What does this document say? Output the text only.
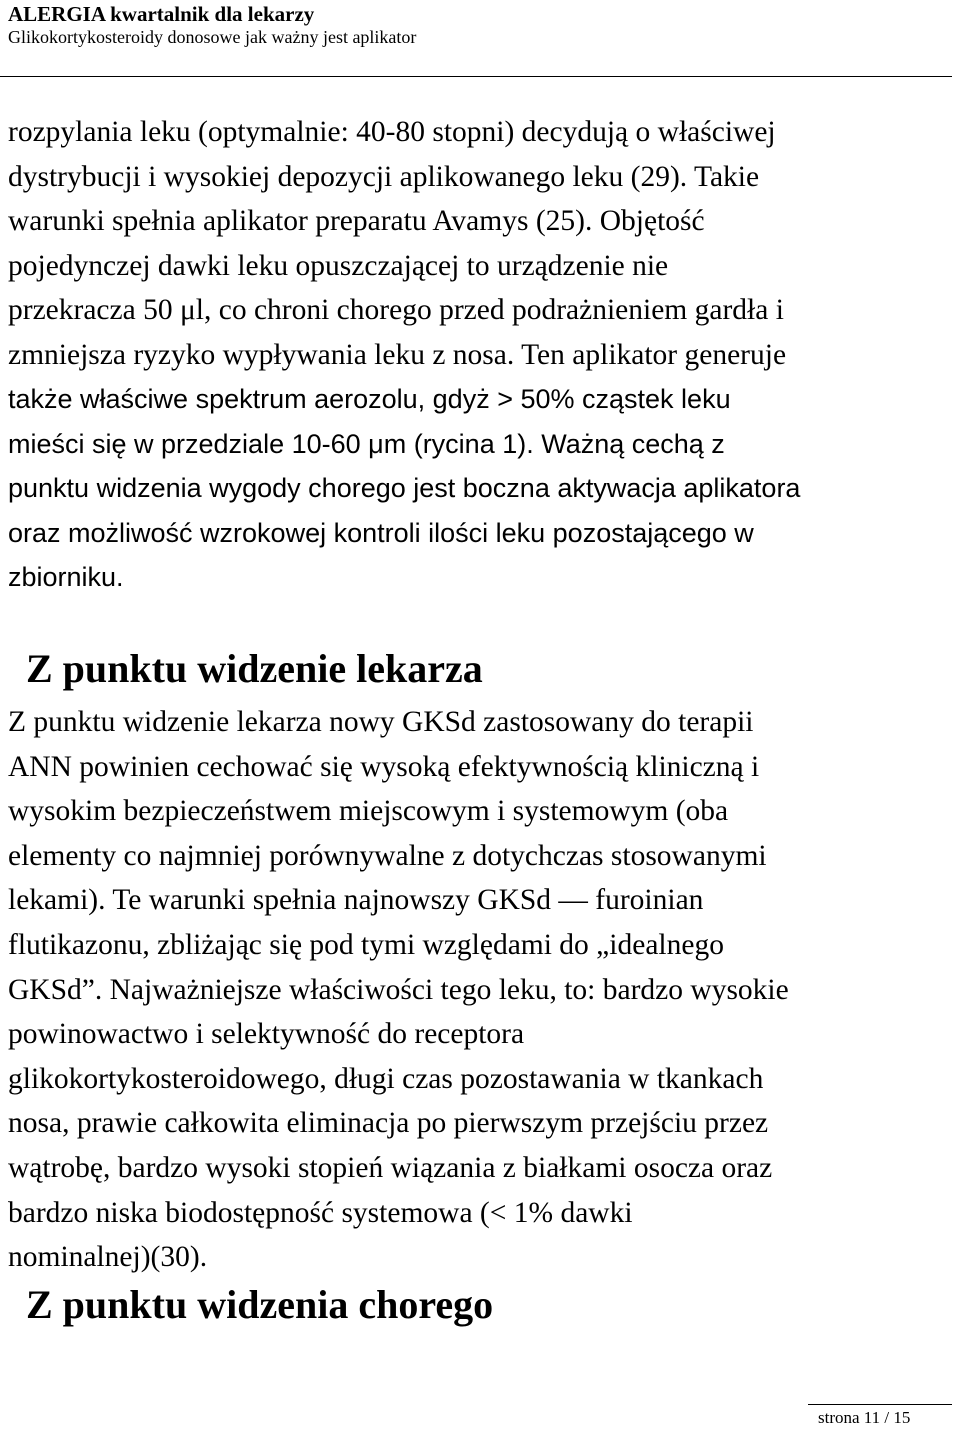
ALERGIA kwartalnik dla lekarzy
Glikokortykosteroidy donosowe jak ważny jest aplikator
rozpylania leku (optymalnie: 40-80 stopni) decydują o właściwej
dystrybucji i wysokiej depozycji aplikowanego leku (29). Takie
warunki spełnia aplikator preparatu Avamys (25). Objętość
pojedynczej dawki leku opuszczającej to urządzenie nie
przekracza 50 μl, co chroni chorego przed podrażnieniem gardła i
zmniejsza ryzyko wypływania leku z nosa. Ten aplikator generuje
także właściwe spektrum aerozolu, gdyż > 50% cząstek leku
mieści się w przedziale 10-60 μm (rycina 1). Ważną cechą z
punktu widzenia wygody chorego jest boczna aktywacja aplikatora
oraz możliwość wzrokowej kontroli ilości leku pozostającego w
zbiorniku.
Z punktu widzenie lekarza
Z punktu widzenie lekarza nowy GKSd zastosowany do terapii
ANN powinien cechować się wysoką efektywnością kliniczną i
wysokim bezpieczeństwem miejscowym i systemowym (oba
elementy co najmniej porównywalne z dotychczas stosowanymi
lekami). Te warunki spełnia najnowszy GKSd — furoinian
flutikazonu, zbliżając się pod tymi względami do „idealnego
GKSd”. Najważniejsze właściwości tego leku, to: bardzo wysokie
powinowactwo i selektywność do receptora
glikokortykosteroidowego, długi czas pozostawania w tkankach
nosa, prawie całkowita eliminacja po pierwszym przejściu przez
wątrobę, bardzo wysoki stopień wiązania z białkami osocza oraz
bardzo niska biodostępność systemowa (< 1% dawki
nominalnej)(30).
Z punktu widzenia chorego
strona 11 / 15
